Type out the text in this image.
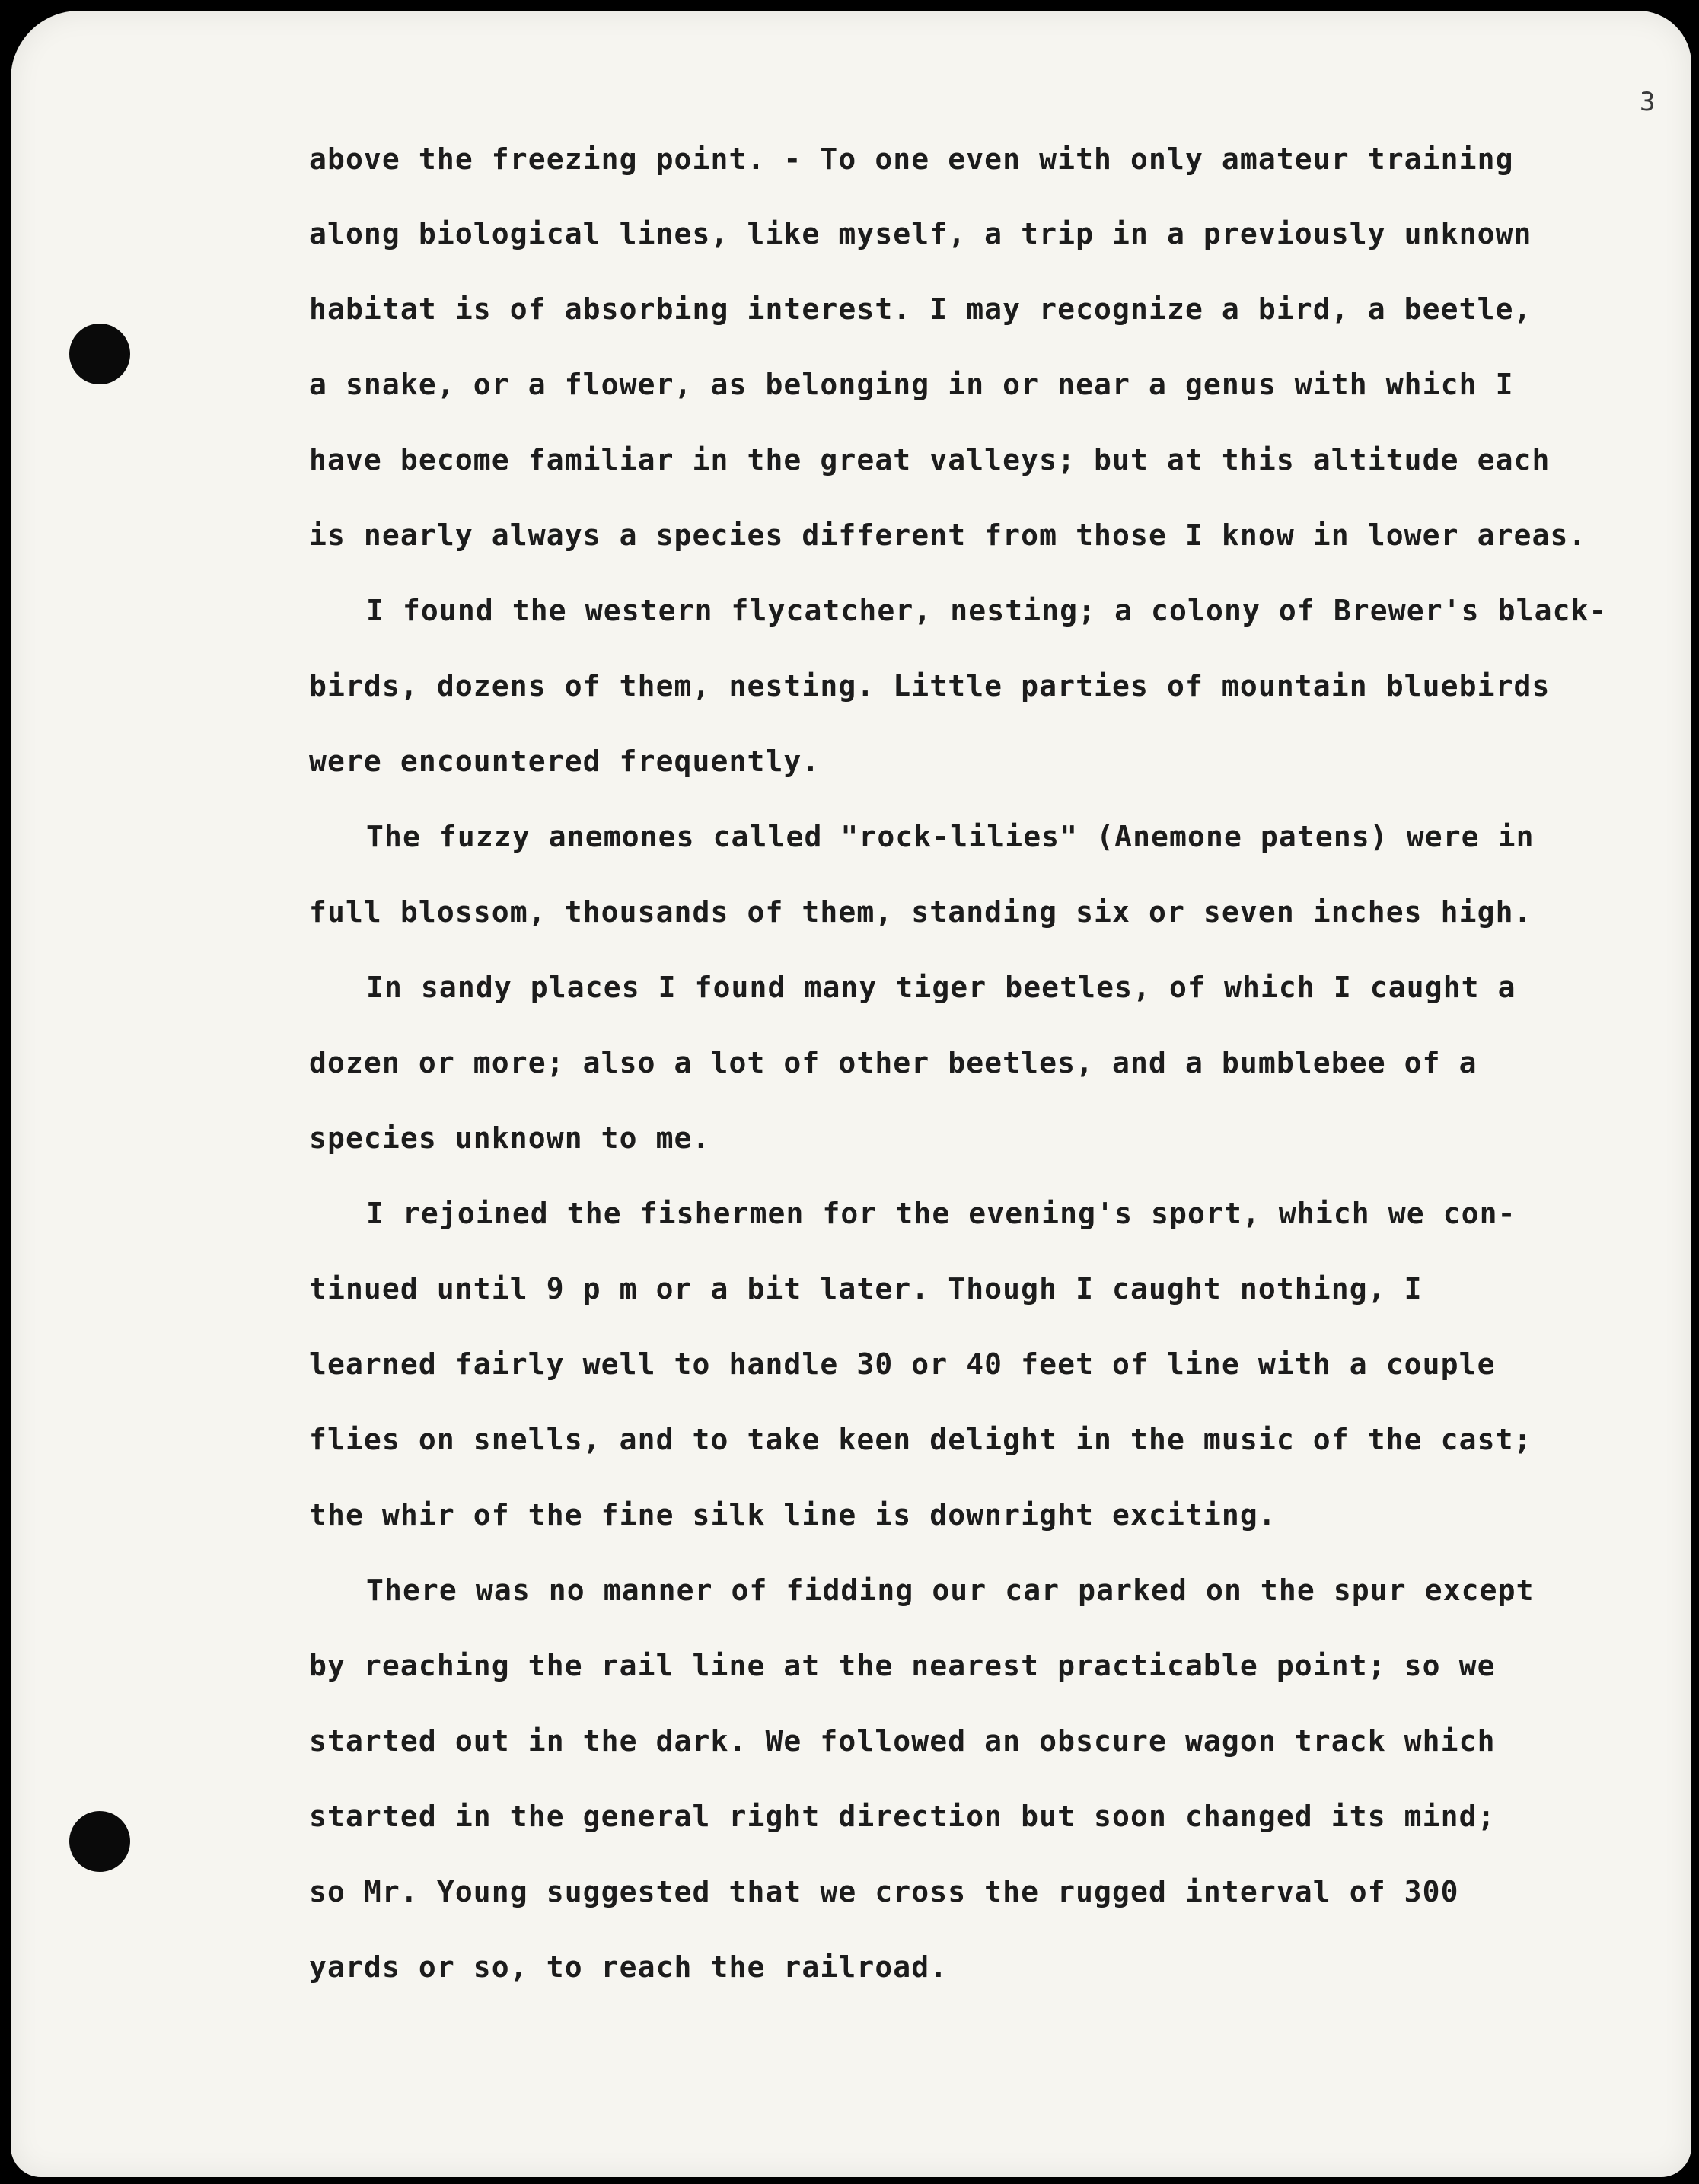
3

above the freezing point. - To one even with only amateur training

along biological lines, like myself, a trip in a previously unknown

habitat is of absorbing interest. I may recognize a bird, a beetle,

a snake, or a flower, as belonging in or near a genus with which I

have become familiar in the great valleys; but at this altitude each

is nearly always a species different from those I know in lower areas.

I found the western flycatcher, nesting; a colony of Brewer's black-

birds, dozens of them, nesting. Little parties of mountain bluebirds

were encountered frequently.

The fuzzy anemones called "rock-lilies" (Anemone patens) were in

full blossom, thousands of them, standing six or seven inches high.

In sandy places I found many tiger beetles, of which I caught a

dozen or more; also a lot of other beetles, and a bumblebee of a

species unknown to me.

I rejoined the fishermen for the evening's sport, which we con-

tinued until 9 p m or a bit later. Though I caught nothing, I

learned fairly well to handle 30 or 40 feet of line with a couple

flies on snells, and to take keen delight in the music of the cast;

the whir of the fine silk line is downright exciting.

There was no manner of fidding our car parked on the spur except

by reaching the rail line at the nearest practicable point; so we

started out in the dark. We followed an obscure wagon track which

started in the general right direction but soon changed its mind;

so Mr. Young suggested that we cross the rugged interval of 300

yards or so, to reach the railroad.
